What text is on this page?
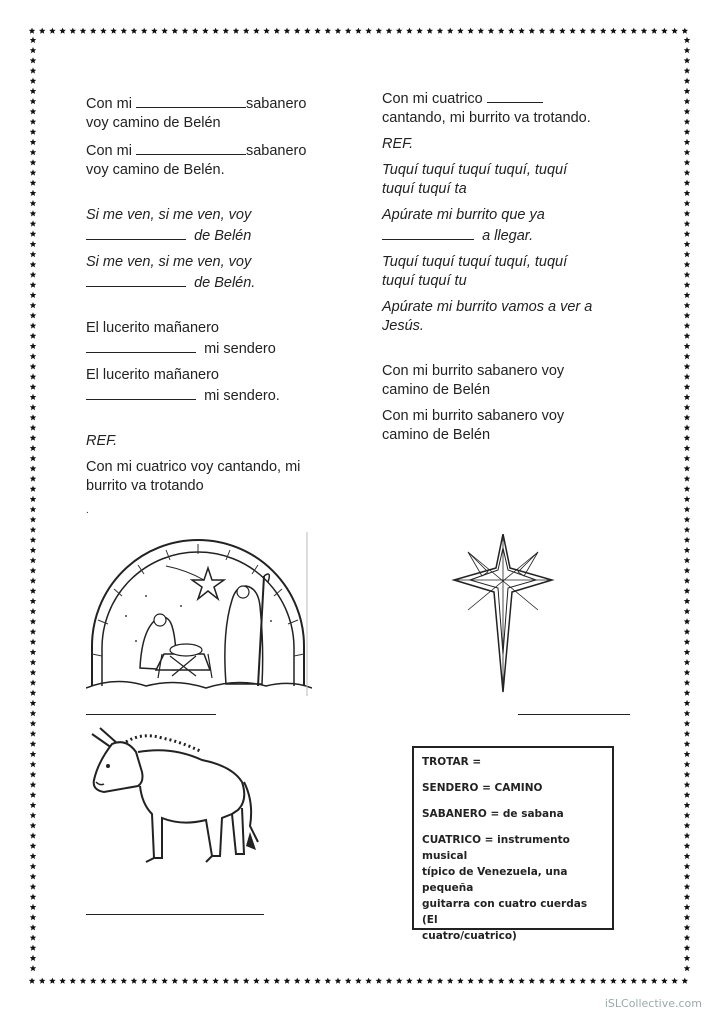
Con mi	sabanero

voy camino de Belén

Con mi	sabanero

voy camino de Belén.

Si me ven, si me ven, voy

de Belén

Si me ven, si me ven, voy

de Belén.

El lucerito mañanero

mi sendero

El lucerito mañanero

mi sendero.

REF.

Con mi cuatrico voy cantando, mi

burrito va trotando

.

Con mi cuatrico

cantando, mi burrito va trotando.

REF.

Tuquí tuquí tuquí tuquí, tuquí

tuquí tuquí ta

Apúrate mi burrito que ya

a llegar.

Tuquí tuquí tuquí tuquí, tuquí

tuquí tuquí tu

Apúrate mi burrito vamos a ver a

Jesús.

Con mi burrito sabanero voy

camino de Belén

Con mi burrito sabanero voy

camino de Belén

TROTAR =

SENDERO = CAMINO

SABANERO = de sabana

CUATRICO = instrumento musical
típico de Venezuela, una pequeña
guitarra con cuatro cuerdas (El
cuatro/cuatrico)

iSLCollective.com
